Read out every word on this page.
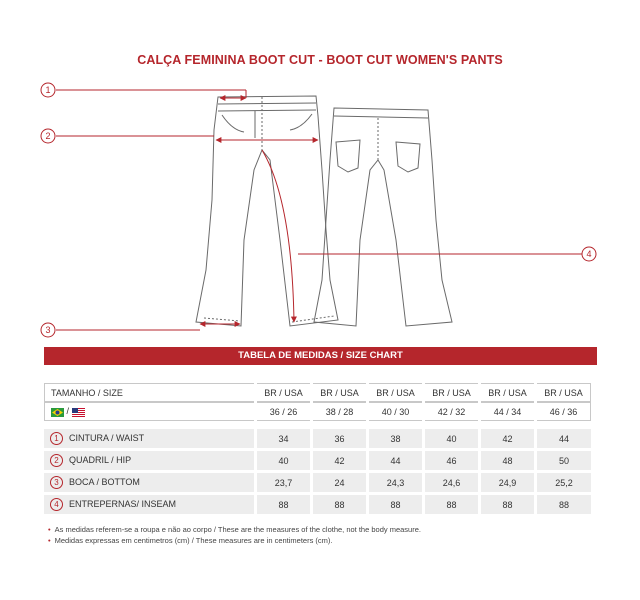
CALÇA FEMININA BOOT CUT - BOOT CUT WOMEN'S PANTS
1
2
3
4
TABELA DE MEDIDAS / SIZE CHART
TAMANHO / SIZE	BR / USA	BR / USA	BR / USA	BR / USA	BR / USA	BR / USA
/	36 / 26	38 / 28	40 / 30	42 / 32	44 / 34	46 / 36

1 CINTURA / WAIST	34	36	38	40	42	44

2 QUADRIL / HIP	40	42	44	46	48	50

3 BOCA / BOTTOM	23,7	24	24,3	24,6	24,9	25,2

4 ENTREPERNAS/ INSEAM	88	88	88	88	88	88
• As medidas referem-se a roupa e não ao corpo / These are the measures of the clothe, not the body measure.
• Medidas expressas em centimetros (cm) / These measures are in centimeters (cm).
